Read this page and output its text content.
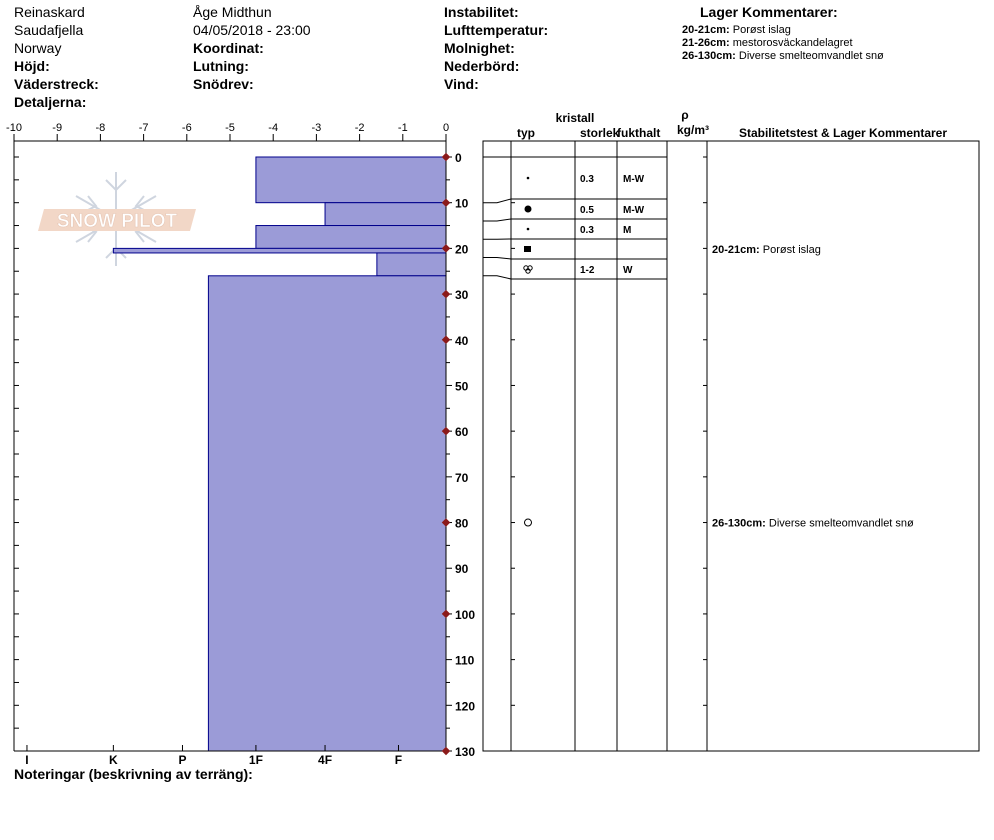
Reinaskard
Saudafjella
Norway
Höjd:
Väderstreck:
Detaljerna:
Åge Midthun
04/05/2018 - 23:00
Koordinat:
Lutning:
Snödrev:
Instabilitet:
Lufttemperatur:
Molnighet:
Nederbörd:
Vind:
Lager Kommentarer:
20-21cm: Porøst islag
21-26cm: mestorosväckandelagret
26-130cm: Diverse smelteomvandlet snø
SNOW PILOT
-10	-9	-8	-7	-6	-5	-4	-3	-2	-1	0
0
10
20
30
40
50
60
70
80
90
100
110
120
130
I	K	P	1F	4F	F
kristall
typ	storlek
fukthalt
ρ
kg/m³ Stabilitetstest & Lager Kommentarer
0.3	M-W
0.5	M-W
0.3	M
1-2	W
20-21cm: Porøst islag
26-130cm: Diverse smelteomvandlet snø
Noteringar (beskrivning av terräng):
